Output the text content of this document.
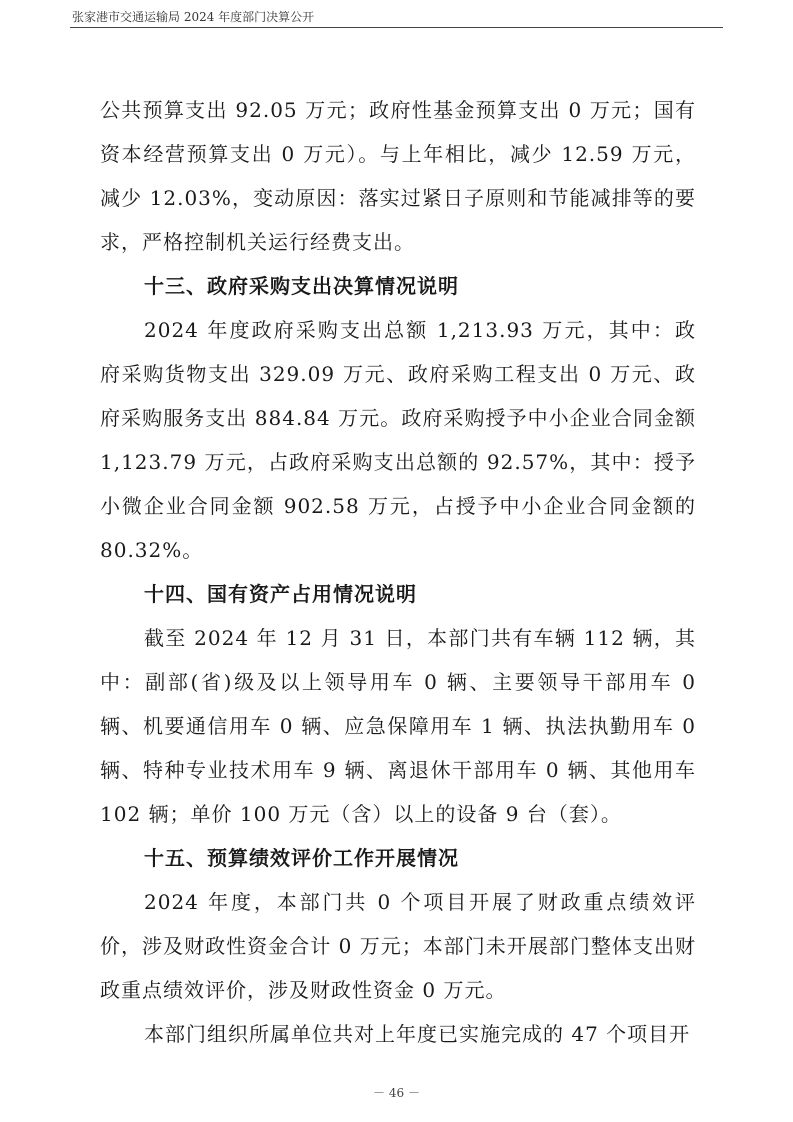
张家港市交通运输局 2024 年度部门决算公开

公共预算支出 92.05 万元；政府性基金预算支出 0 万元；国有资本经营预算支出 0 万元）。与上年相比，减少 12.59 万元，减少 12.03%，变动原因：落实过紧日子原则和节能减排等的要求，严格控制机关运行经费支出。

十三、政府采购支出决算情况说明

2024 年度政府采购支出总额 1,213.93 万元，其中：政府采购货物支出 329.09 万元、政府采购工程支出 0 万元、政府采购服务支出 884.84 万元。政府采购授予中小企业合同金额 1,123.79 万元，占政府采购支出总额的 92.57%，其中：授予小微企业合同金额 902.58 万元，占授予中小企业合同金额的 80.32%。

十四、国有资产占用情况说明

截至 2024 年 12 月 31 日，本部门共有车辆 112 辆，其中：副部(省)级及以上领导用车 0 辆、主要领导干部用车 0 辆、机要通信用车 0 辆、应急保障用车 1 辆、执法执勤用车 0 辆、特种专业技术用车 9 辆、离退休干部用车 0 辆、其他用车 102 辆；单价 100 万元（含）以上的设备 9 台（套）。

十五、预算绩效评价工作开展情况

2024 年度，本部门共 0 个项目开展了财政重点绩效评价，涉及财政性资金合计 0 万元；本部门未开展部门整体支出财政重点绩效评价，涉及财政性资金 0 万元。

本部门组织所属单位共对上年度已实施完成的 47 个项目开

－ 46 －
